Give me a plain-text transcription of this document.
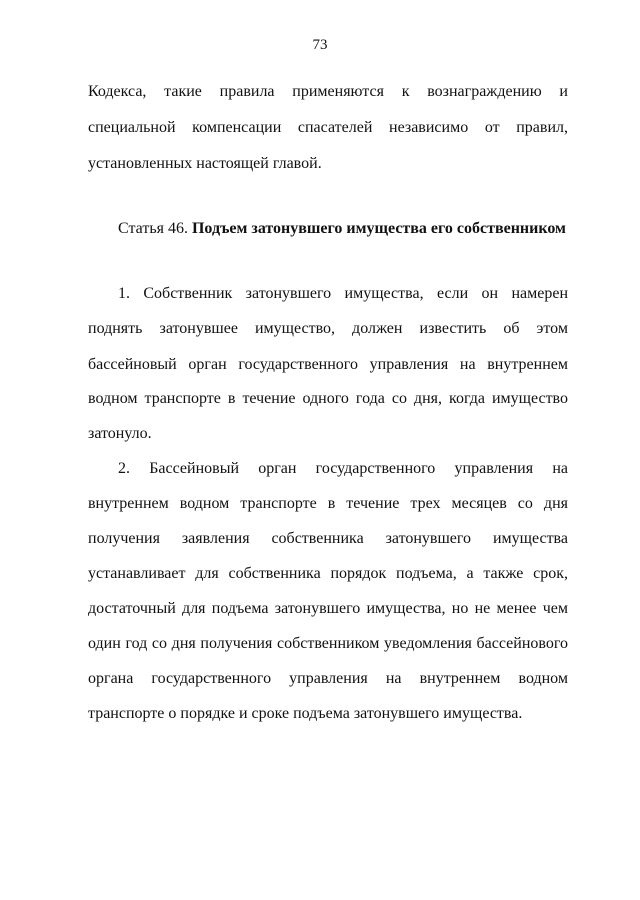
73
Кодекса, такие правила применяются к вознаграждению и
специальной компенсации спасателей независимо от правил,
установленных настоящей главой.
Статья 46. Подъем затонувшего имущества его собственником
1. Собственник затонувшего имущества, если он намерен
поднять затонувшее имущество, должен известить об этом
бассейновый орган государственного управления на внутреннем
водном транспорте в течение одного года со дня, когда имущество
затонуло.
2. Бассейновый орган государственного управления на
внутреннем водном транспорте в течение трех месяцев со дня
получения заявления собственника затонувшего имущества
устанавливает для собственника порядок подъема, а также срок,
достаточный для подъема затонувшего имущества, но не менее чем
один год со дня получения собственником уведомления бассейнового
органа государственного управления на внутреннем водном
транспорте о порядке и сроке подъема затонувшего имущества.
